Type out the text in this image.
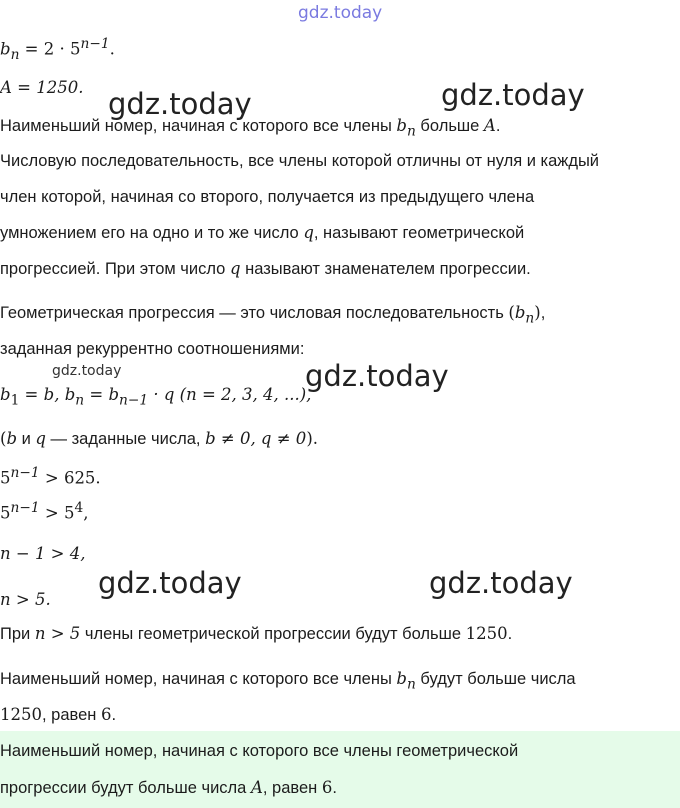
gdz.today
gdz.today	gdz.today
gdz.today
gdz.today
gdz.today	gdz.today
$b_n = 2 \cdot 5^{n-1}$.
A = 1250.
Наименьший номер, начиная с которого все члены $b_n$ больше A.
Числовую последовательность, все члены которой отличны от нуля и каждый
член которой, начиная со второго, получается из предыдущего члена
умножением его на одно и то же число q, называют геометрической
прогрессией. При этом число q называют знаменателем прогрессии.
Геометрическая прогрессия — это числовая последовательность $(b_n)$,
заданная рекуррентно соотношениями:
$b_1 = b$, $b_n = b_{n-1} \cdot q$ (n = 2, 3, 4, ...),
(b и q — заданные числа, b ≠ 0, q ≠ 0).
$5^{n-1} > 625$.
$5^{n-1} > 5^4$,
n − 1 > 4,
n > 5.
При n > 5 члены геометрической прогрессии будут больше 1250.
Наименьший номер, начиная с которого все члены $b_n$ будут больше числа
1250, равен 6.
Наименьший номер, начиная с которого все члены геометрической
прогрессии будут больше числа A, равен 6.
